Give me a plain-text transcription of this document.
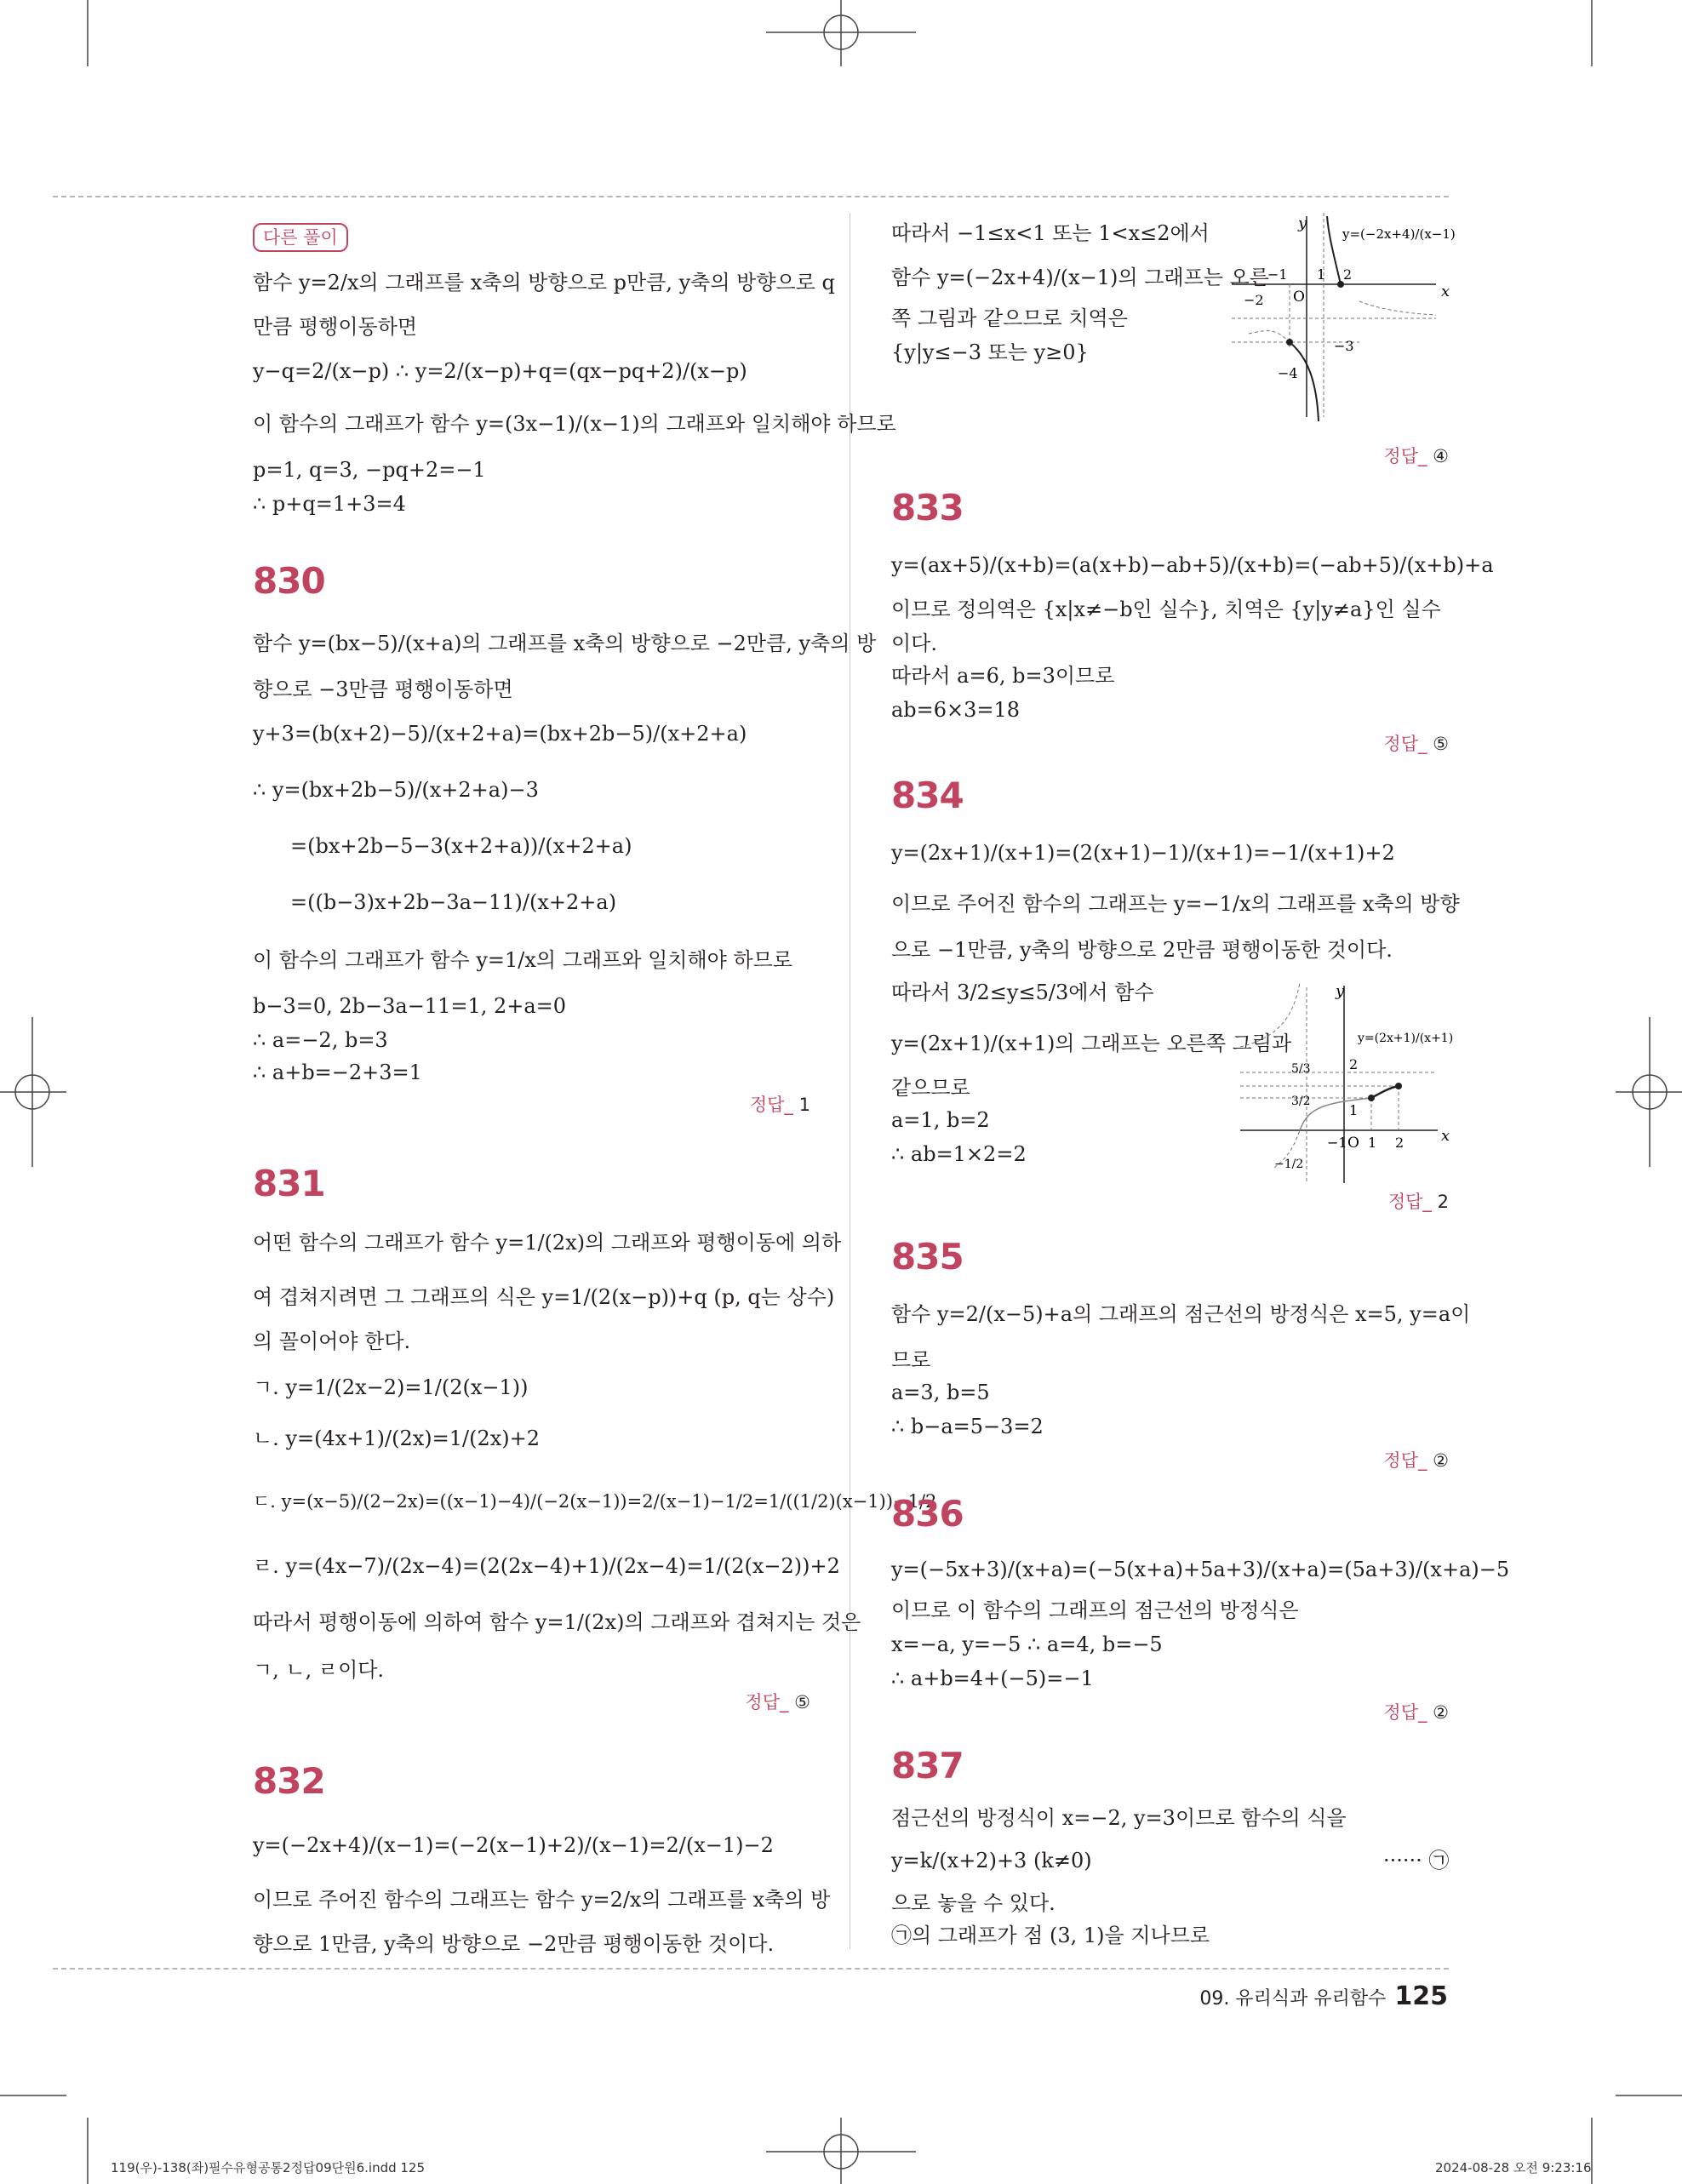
다른 풀이
함수 y=2/x의 그래프를 x축의 방향으로 p만큼, y축의 방향으로 q
만큼 평행이동하면
y−q=2/(x−p) ∴ y=2/(x−p)+q=(qx−pq+2)/(x−p)
이 함수의 그래프가 함수 y=(3x−1)/(x−1)의 그래프와 일치해야 하므로
p=1, q=3, −pq+2=−1
∴ p+q=1+3=4
830
함수 y=(bx−5)/(x+a)의 그래프를 x축의 방향으로 −2만큼, y축의 방
향으로 −3만큼 평행이동하면
y+3=(b(x+2)−5)/(x+2+a)=(bx+2b−5)/(x+2+a)
∴ y=(bx+2b−5)/(x+2+a)−3
=(bx+2b−5−3(x+2+a))/(x+2+a)
=((b−3)x+2b−3a−11)/(x+2+a)
이 함수의 그래프가 함수 y=1/x의 그래프와 일치해야 하므로
b−3=0, 2b−3a−11=1, 2+a=0
∴ a=−2, b=3
∴ a+b=−2+3=1
정답_ 1
831
어떤 함수의 그래프가 함수 y=1/(2x)의 그래프와 평행이동에 의하
여 겹쳐지려면 그 그래프의 식은 y=1/(2(x−p))+q (p, q는 상수)
의 꼴이어야 한다.
ㄱ. y=1/(2x−2)=1/(2(x−1))
ㄴ. y=(4x+1)/(2x)=1/(2x)+2
ㄷ. y=(x−5)/(2−2x)=((x−1)−4)/(−2(x−1))=2/(x−1)−1/2=1/((1/2)(x−1))−1/2
ㄹ. y=(4x−7)/(2x−4)=(2(2x−4)+1)/(2x−4)=1/(2(x−2))+2
따라서 평행이동에 의하여 함수 y=1/(2x)의 그래프와 겹쳐지는 것은
ㄱ, ㄴ, ㄹ이다.
정답_ ⑤
832
y=(−2x+4)/(x−1)=(−2(x−1)+2)/(x−1)=2/(x−1)−2
이므로 주어진 함수의 그래프는 함수 y=2/x의 그래프를 x축의 방
향으로 1만큼, y축의 방향으로 −2만큼 평행이동한 것이다.
따라서 −1≤x<1 또는 1<x≤2에서
함수 y=(−2x+4)/(x−1)의 그래프는 오른
쪽 그림과 같으므로 치역은
{y|y≤−3 또는 y≥0}
y
x
O
−1 1 2
−2
−3
−4
y=(−2x+4)/(x−1)
정답_ ④
833
y=(ax+5)/(x+b)=(a(x+b)−ab+5)/(x+b)=(−ab+5)/(x+b)+a
이므로 정의역은 {x|x≠−b인 실수}, 치역은 {y|y≠a}인 실수
이다.
따라서 a=6, b=3이므로
ab=6×3=18
정답_ ⑤
834
y=(2x+1)/(x+1)=(2(x+1)−1)/(x+1)=−1/(x+1)+2
이므로 주어진 함수의 그래프는 y=−1/x의 그래프를 x축의 방향
으로 −1만큼, y축의 방향으로 2만큼 평행이동한 것이다.
따라서 3/2≤y≤5/3에서 함수
y=(2x+1)/(x+1)의 그래프는 오른쪽 그림과
같으므로
a=1, b=2
∴ ab=1×2=2
y
x
O
5/3
3/2
2
1
−1 1 2
−1/2
y=(2x+1)/(x+1)
정답_ 2
835
함수 y=2/(x−5)+a의 그래프의 점근선의 방정식은 x=5, y=a이
므로
a=3, b=5
∴ b−a=5−3=2
정답_ ②
836
y=(−5x+3)/(x+a)=(−5(x+a)+5a+3)/(x+a)=(5a+3)/(x+a)−5
이므로 이 함수의 그래프의 점근선의 방정식은
x=−a, y=−5 ∴ a=4, b=−5
∴ a+b=4+(−5)=−1
정답_ ②
837
점근선의 방정식이 x=−2, y=3이므로 함수의 식을
y=k/(x+2)+3 (k≠0)	······ ㉠
으로 놓을 수 있다.
㉠의 그래프가 점 (3, 1)을 지나므로
09. 유리식과 유리함수 125
119(우)-138(좌)필수유형공통2정답09단원6.indd 125	2024-08-28 오전 9:23:16
